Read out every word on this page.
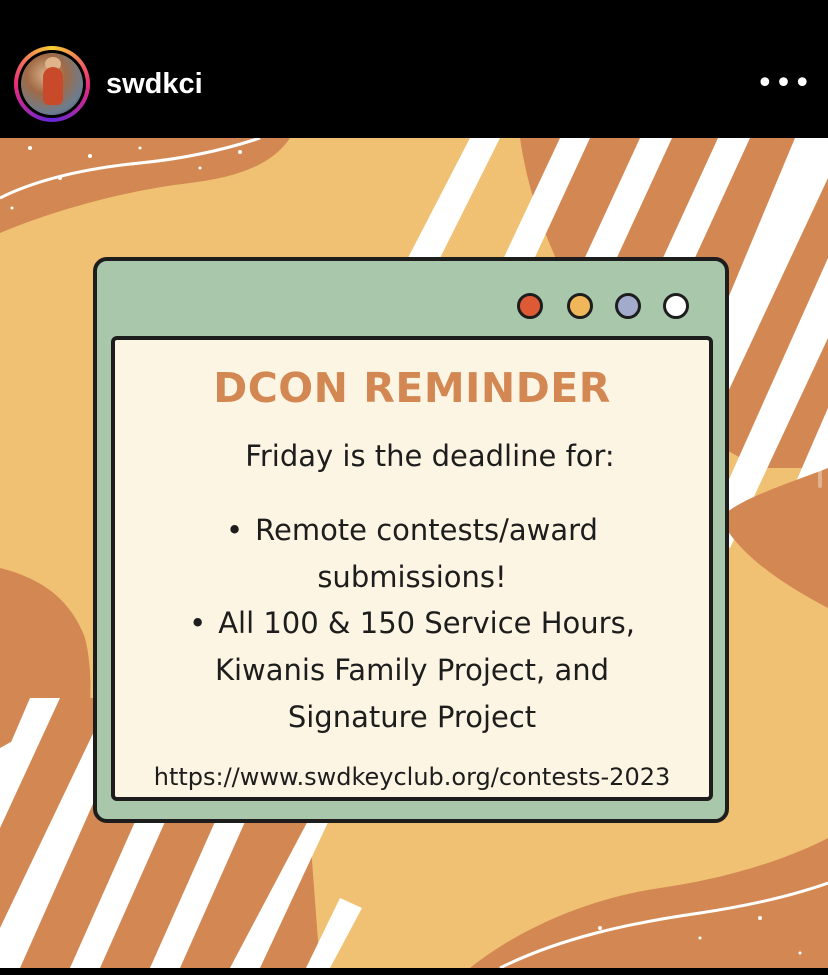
swdkci	•••
DCON REMINDER
Friday is the deadline for:
• Remote contests/award
submissions!
• All 100 & 150 Service Hours,
Kiwanis Family Project, and
Signature Project
https://www.swdkeyclub.org/contests-2023
